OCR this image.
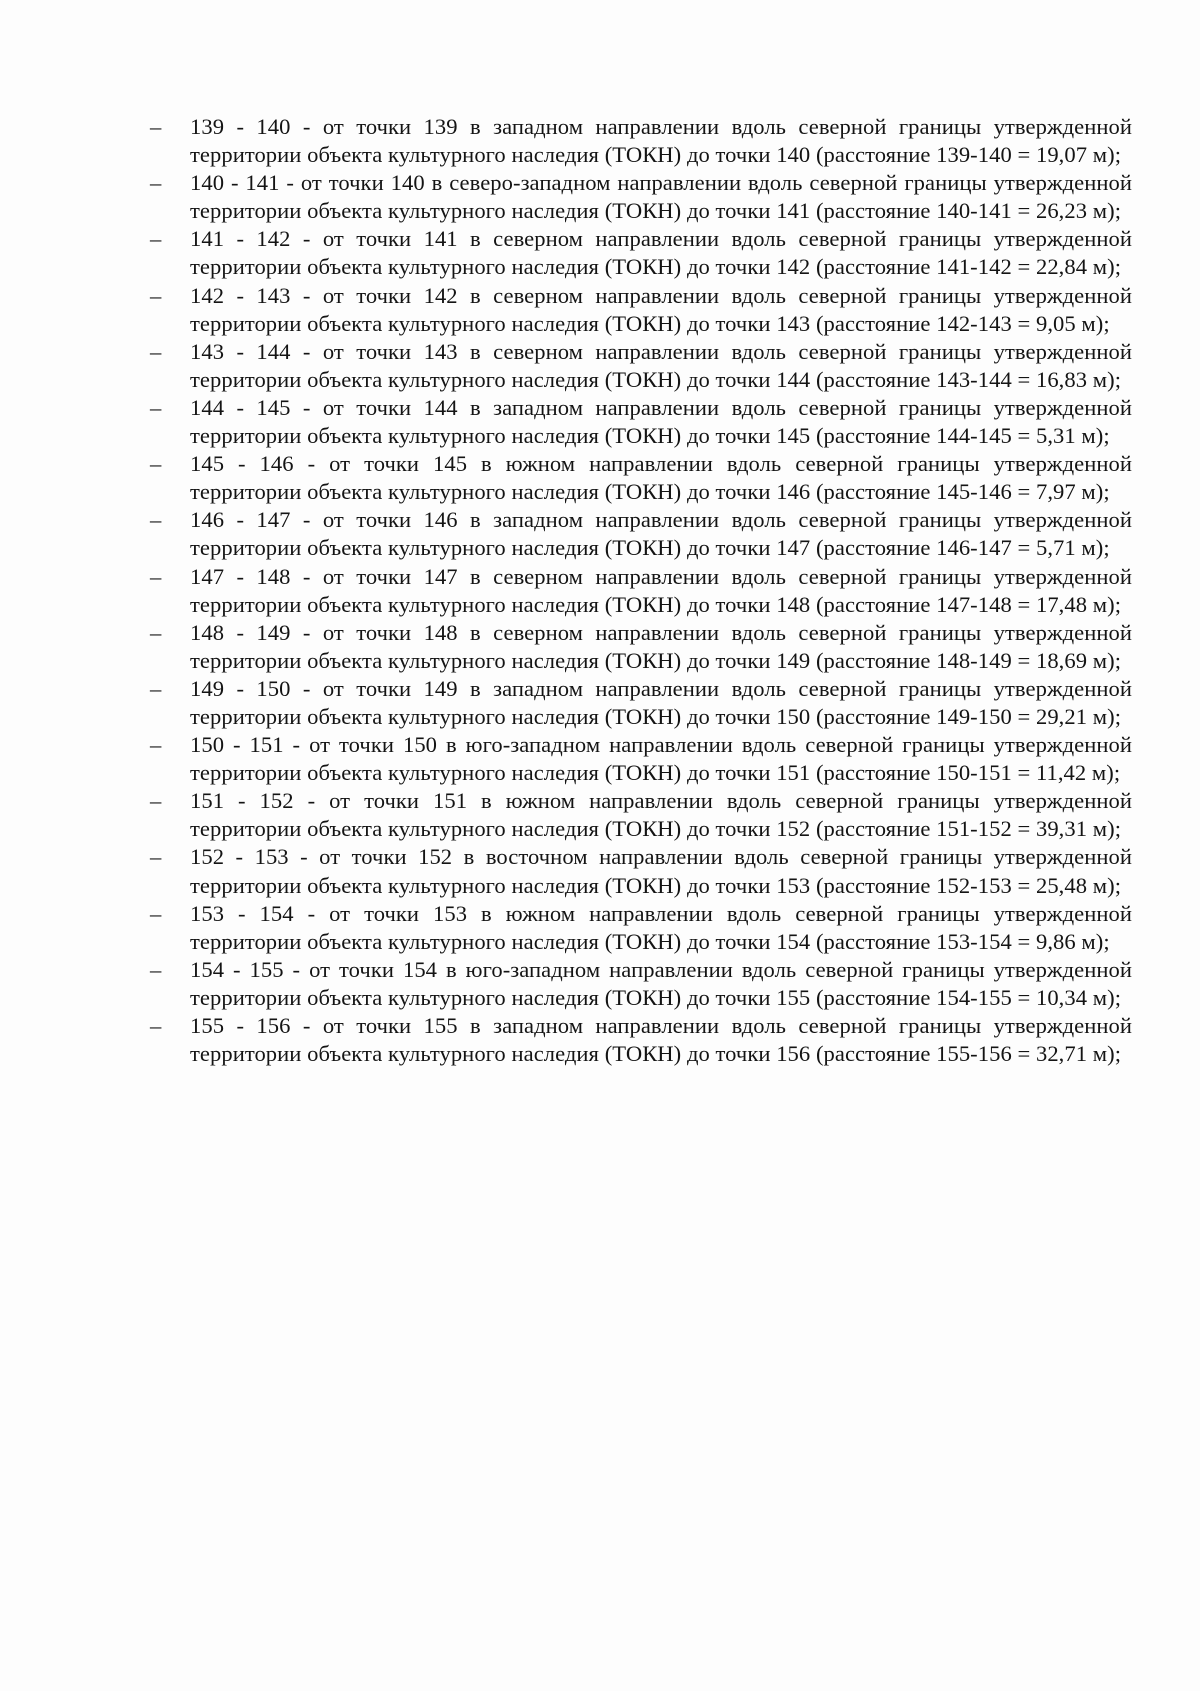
–	139 - 140 - от точки 139 в западном направлении вдоль северной границы утвержденной территории объекта культурного наследия (ТОКН) до точки 140 (расстояние 139-140 = 19,07 м);
–	140 - 141 - от точки 140 в северо-западном направлении вдоль северной границы утвержденной территории объекта культурного наследия (ТОКН) до точки 141 (расстояние 140-141 = 26,23 м);
–	141 - 142 - от точки 141 в северном направлении вдоль северной границы утвержденной территории объекта культурного наследия (ТОКН) до точки 142 (расстояние 141-142 = 22,84 м);
–	142 - 143 - от точки 142 в северном направлении вдоль северной границы утвержденной территории объекта культурного наследия (ТОКН) до точки 143 (расстояние 142-143 = 9,05 м);
–	143 - 144 - от точки 143 в северном направлении вдоль северной границы утвержденной территории объекта культурного наследия (ТОКН) до точки 144 (расстояние 143-144 = 16,83 м);
–	144 - 145 - от точки 144 в западном направлении вдоль северной границы утвержденной территории объекта культурного наследия (ТОКН) до точки 145 (расстояние 144-145 = 5,31 м);
–	145 - 146 - от точки 145 в южном направлении вдоль северной границы утвержденной территории объекта культурного наследия (ТОКН) до точки 146 (расстояние 145-146 = 7,97 м);
–	146 - 147 - от точки 146 в западном направлении вдоль северной границы утвержденной территории объекта культурного наследия (ТОКН) до точки 147 (расстояние 146-147 = 5,71 м);
–	147 - 148 - от точки 147 в северном направлении вдоль северной границы утвержденной территории объекта культурного наследия (ТОКН) до точки 148 (расстояние 147-148 = 17,48 м);
–	148 - 149 - от точки 148 в северном направлении вдоль северной границы утвержденной территории объекта культурного наследия (ТОКН) до точки 149 (расстояние 148-149 = 18,69 м);
–	149 - 150 - от точки 149 в западном направлении вдоль северной границы утвержденной территории объекта культурного наследия (ТОКН) до точки 150 (расстояние 149-150 = 29,21 м);
–	150 - 151 - от точки 150 в юго-западном направлении вдоль северной границы утвержденной территории объекта культурного наследия (ТОКН) до точки 151 (расстояние 150-151 = 11,42 м);
–	151 - 152 - от точки 151 в южном направлении вдоль северной границы утвержденной территории объекта культурного наследия (ТОКН) до точки 152 (расстояние 151-152 = 39,31 м);
–	152 - 153 - от точки 152 в восточном направлении вдоль северной границы утвержденной территории объекта культурного наследия (ТОКН) до точки 153 (расстояние 152-153 = 25,48 м);
–	153 - 154 - от точки 153 в южном направлении вдоль северной границы утвержденной территории объекта культурного наследия (ТОКН) до точки 154 (расстояние 153-154 = 9,86 м);
–	154 - 155 - от точки 154 в юго-западном направлении вдоль северной границы утвержденной территории объекта культурного наследия (ТОКН) до точки 155 (расстояние 154-155 = 10,34 м);
–	155 - 156 - от точки 155 в западном направлении вдоль северной границы утвержденной территории объекта культурного наследия (ТОКН) до точки 156 (расстояние 155-156 = 32,71 м);
